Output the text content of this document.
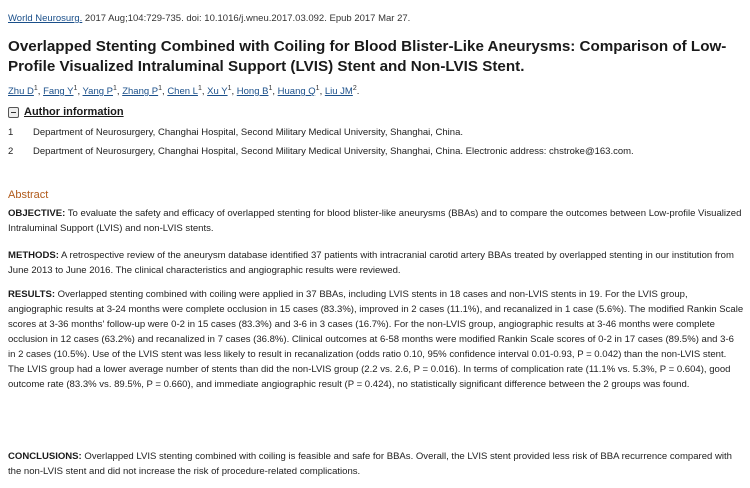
World Neurosurg. 2017 Aug;104:729-735. doi: 10.1016/j.wneu.2017.03.092. Epub 2017 Mar 27.
Overlapped Stenting Combined with Coiling for Blood Blister-Like Aneurysms: Comparison of Low-Profile Visualized Intraluminal Support (LVIS) Stent and Non-LVIS Stent.
Zhu $D^1$, Fang $Y^1$, Yang $P^1$, Zhang $P^1$, Chen $L^1$, Xu $Y^1$, Hong $B^1$, Huang $Q^1$, Liu $JM^2$.
Author information
1 Department of Neurosurgery, Changhai Hospital, Second Military Medical University, Shanghai, China.
2 Department of Neurosurgery, Changhai Hospital, Second Military Medical University, Shanghai, China. Electronic address: chstroke@163.com.
Abstract
OBJECTIVE: To evaluate the safety and efficacy of overlapped stenting for blood blister-like aneurysms (BBAs) and to compare the outcomes between Low-profile Visualized Intraluminal Support (LVIS) and non-LVIS stents.
METHODS: A retrospective review of the aneurysm database identified 37 patients with intracranial carotid artery BBAs treated by overlapped stenting in our institution from June 2013 to June 2016. The clinical characteristics and angiographic results were reviewed.
RESULTS: Overlapped stenting combined with coiling were applied in 37 BBAs, including LVIS stents in 18 cases and non-LVIS stents in 19. For the LVIS group, angiographic results at 3-24 months were complete occlusion in 15 cases (83.3%), improved in 2 cases (11.1%), and recanalized in 1 case (5.6%). The modified Rankin Scale scores at 3-36 months' follow-up were 0-2 in 15 cases (83.3%) and 3-6 in 3 cases (16.7%). For the non-LVIS group, angiographic results at 3-46 months were complete occlusion in 12 cases (63.2%) and recanalized in 7 cases (36.8%). Clinical outcomes at 6-58 months were modified Rankin Scale scores of 0-2 in 17 cases (89.5%) and 3-6 in 2 cases (10.5%). Use of the LVIS stent was less likely to result in recanalization (odds ratio 0.10, 95% confidence interval 0.01-0.93, P = 0.042) than the non-LVIS stent. The LVIS group had a lower average number of stents than did the non-LVIS group (2.2 vs. 2.6, P = 0.016). In terms of complication rate (11.1% vs. 5.3%, P = 0.604), good outcome rate (83.3% vs. 89.5%, P = 0.660), and immediate angiographic result (P = 0.424), no statistically significant difference between the 2 groups was found.
CONCLUSIONS: Overlapped LVIS stenting combined with coiling is feasible and safe for BBAs. Overall, the LVIS stent provided less risk of BBA recurrence compared with the non-LVIS stent and did not increase the risk of procedure-related complications.
